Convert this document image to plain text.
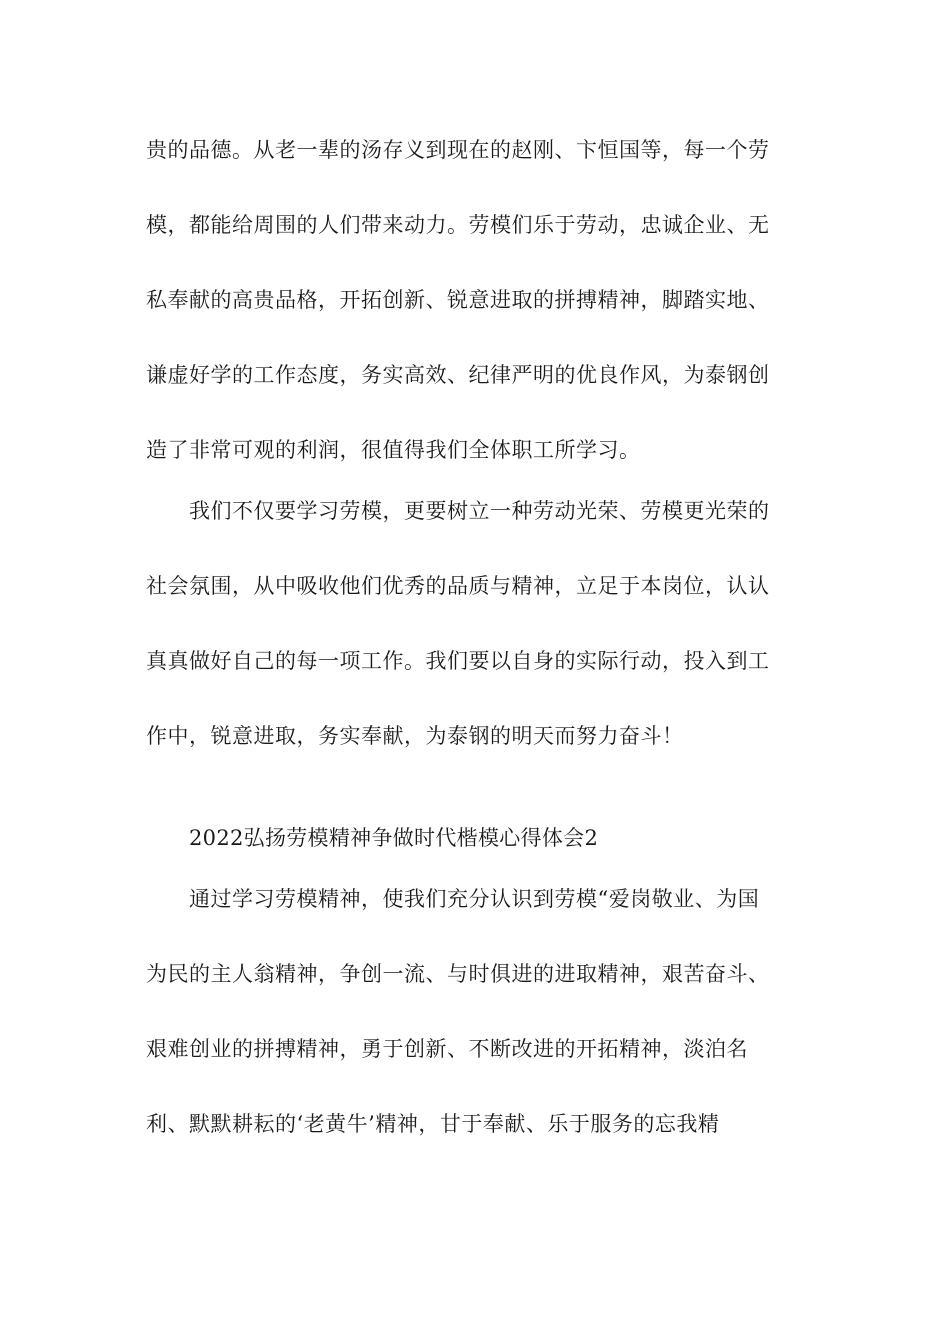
贵的品德。从老一辈的汤存义到现在的赵刚、卞恒国等，每一个劳
模，都能给周围的人们带来动力。劳模们乐于劳动，忠诚企业、无
私奉献的高贵品格，开拓创新、锐意进取的拼搏精神，脚踏实地、
谦虚好学的工作态度，务实高效、纪律严明的优良作风，为泰钢创
造了非常可观的利润，很值得我们全体职工所学习。
我们不仅要学习劳模，更要树立一种劳动光荣、劳模更光荣的
社会氛围，从中吸收他们优秀的品质与精神，立足于本岗位，认认
真真做好自己的每一项工作。我们要以自身的实际行动，投入到工
作中，锐意进取，务实奉献，为泰钢的明天而努力奋斗！
2022弘扬劳模精神争做时代楷模心得体会2
通过学习劳模精神，使我们充分认识到劳模“爱岗敬业、为国
为民的主人翁精神，争创一流、与时俱进的进取精神，艰苦奋斗、
艰难创业的拼搏精神，勇于创新、不断改进的开拓精神，淡泊名
利、默默耕耘的‘老黄牛’精神，甘于奉献、乐于服务的忘我精
